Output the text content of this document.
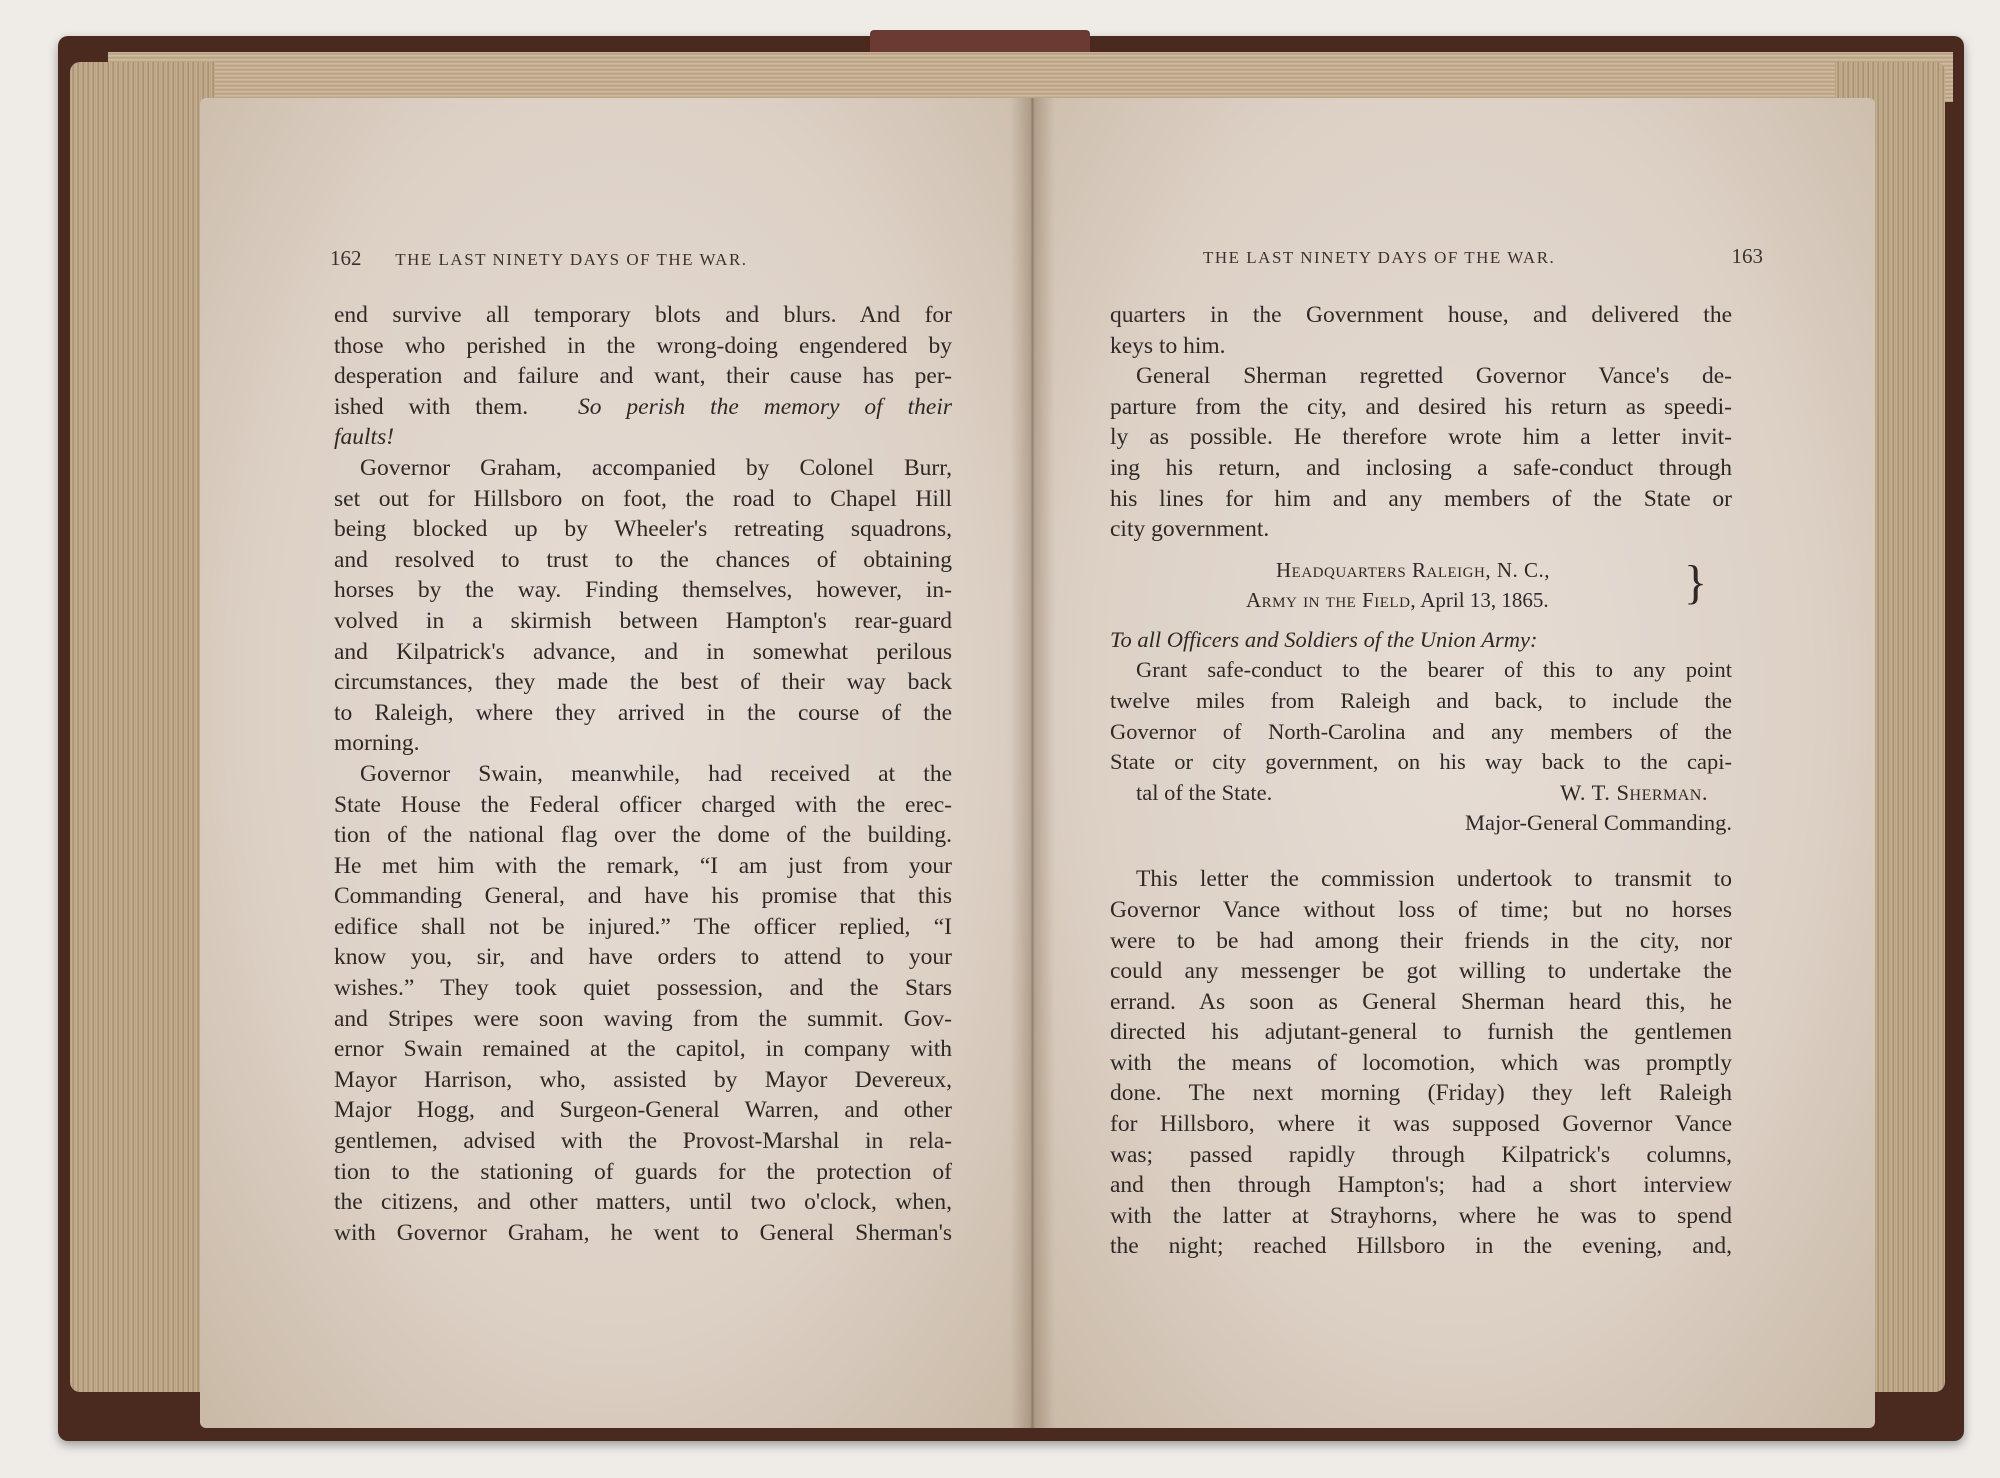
162 THE LAST NINETY DAYS OF THE WAR.

end survive all temporary blots and blurs. And for
those who perished in the wrong-doing engendered by
desperation and failure and want, their cause has per-
ished with them. So perish the memory of their
faults!

Governor Graham, accompanied by Colonel Burr,
set out for Hillsboro on foot, the road to Chapel Hill
being blocked up by Wheeler's retreating squadrons,
and resolved to trust to the chances of obtaining
horses by the way. Finding themselves, however, in-
volved in a skirmish between Hampton's rear-guard
and Kilpatrick's advance, and in somewhat perilous
circumstances, they made the best of their way back
to Raleigh, where they arrived in the course of the
morning.

Governor Swain, meanwhile, had received at the
State House the Federal officer charged with the erec-
tion of the national flag over the dome of the building.
He met him with the remark, “I am just from your
Commanding General, and have his promise that this
edifice shall not be injured.” The officer replied, “I
know you, sir, and have orders to attend to your
wishes.” They took quiet possession, and the Stars
and Stripes were soon waving from the summit. Gov-
ernor Swain remained at the capitol, in company with
Mayor Harrison, who, assisted by Mayor Devereux,
Major Hogg, and Surgeon-General Warren, and other
gentlemen, advised with the Provost-Marshal in rela-
tion to the stationing of guards for the protection of
the citizens, and other matters, until two o'clock, when,
with Governor Graham, he went to General Sherman's

THE LAST NINETY DAYS OF THE WAR.	163

quarters in the Government house, and delivered the
keys to him.

General Sherman regretted Governor Vance's de-
parture from the city, and desired his return as speedi-
ly as possible. He therefore wrote him a letter invit-
ing his return, and inclosing a safe-conduct through
his lines for him and any members of the State or
city government.

Headquarters Raleigh, N. C.,
Army in the Field, April 13, 1865.	}
To all Officers and Soldiers of the Union Army:
Grant safe-conduct to the bearer of this to any point
twelve miles from Raleigh and back, to include the
Governor of North-Carolina and any members of the
State or city government, on his way back to the capi-
tal of the State.	W. T. Sherman.
Major-General Commanding.

This letter the commission undertook to transmit to
Governor Vance without loss of time; but no horses
were to be had among their friends in the city, nor
could any messenger be got willing to undertake the
errand. As soon as General Sherman heard this, he
directed his adjutant-general to furnish the gentlemen
with the means of locomotion, which was promptly
done. The next morning (Friday) they left Raleigh
for Hillsboro, where it was supposed Governor Vance
was; passed rapidly through Kilpatrick's columns,
and then through Hampton's; had a short interview
with the latter at Strayhorns, where he was to spend
the night; reached Hillsboro in the evening, and,
